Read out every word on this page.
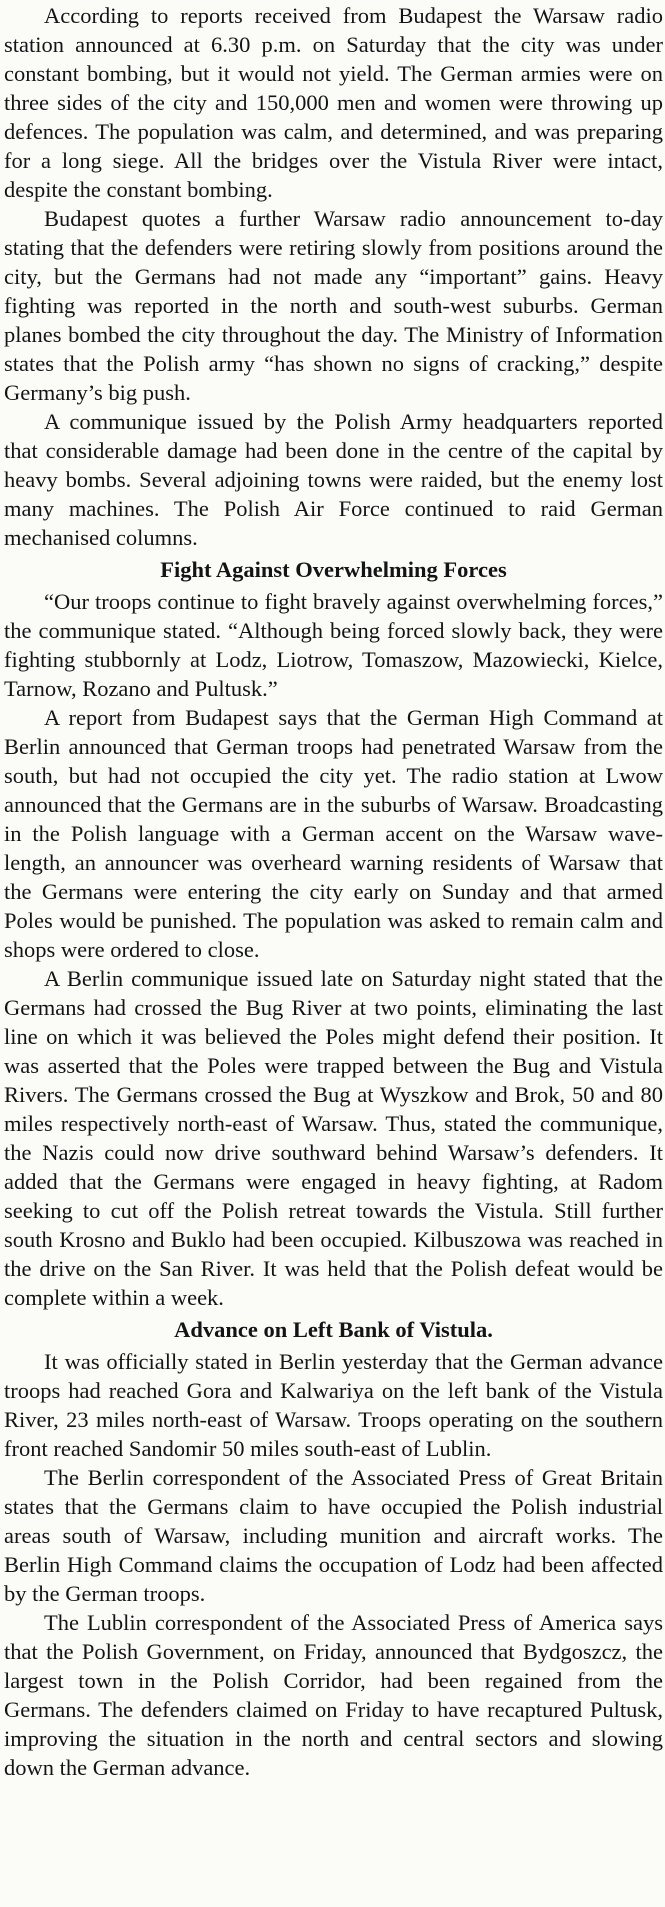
According to reports received from Budapest the Warsaw radio station announced at 6.30 p.m. on Saturday that the city was under constant bombing, but it would not yield. The German armies were on three sides of the city and 150,000 men and women were throwing up defences. The population was calm, and determined, and was preparing for a long siege. All the bridges over the Vistula River were intact, despite the constant bombing.

Budapest quotes a further Warsaw radio announcement to-day stating that the defenders were retiring slowly from positions around the city, but the Germans had not made any “important” gains. Heavy fighting was reported in the north and south-west suburbs. German planes bombed the city throughout the day. The Ministry of Information states that the Polish army “has shown no signs of cracking,” despite Germany’s big push.

A communique issued by the Polish Army headquarters reported that considerable damage had been done in the centre of the capital by heavy bombs. Several adjoining towns were raided, but the enemy lost many machines. The Polish Air Force continued to raid German mechanised columns.

Fight Against Overwhelming Forces

“Our troops continue to fight bravely against overwhelming forces,” the communique stated. “Although being forced slowly back, they were fighting stubbornly at Lodz, Liotrow, Tomaszow, Mazowiecki, Kielce, Tarnow, Rozano and Pultusk.”

A report from Budapest says that the German High Command at Berlin announced that German troops had penetrated Warsaw from the south, but had not occupied the city yet. The radio station at Lwow announced that the Germans are in the suburbs of Warsaw. Broadcasting in the Polish language with a German accent on the Warsaw wave-length, an announcer was overheard warning residents of Warsaw that the Germans were entering the city early on Sunday and that armed Poles would be punished. The population was asked to remain calm and shops were ordered to close.

A Berlin communique issued late on Saturday night stated that the Germans had crossed the Bug River at two points, eliminating the last line on which it was believed the Poles might defend their position. It was asserted that the Poles were trapped between the Bug and Vistula Rivers. The Germans crossed the Bug at Wyszkow and Brok, 50 and 80 miles respectively north-east of Warsaw. Thus, stated the communique, the Nazis could now drive southward behind Warsaw’s defenders. It added that the Germans were engaged in heavy fighting, at Radom seeking to cut off the Polish retreat towards the Vistula. Still further south Krosno and Buklo had been occupied. Kilbuszowa was reached in the drive on the San River. It was held that the Polish defeat would be complete within a week.

Advance on Left Bank of Vistula.

It was officially stated in Berlin yesterday that the German advance troops had reached Gora and Kalwariya on the left bank of the Vistula River, 23 miles north-east of Warsaw. Troops operating on the southern front reached Sandomir 50 miles south-east of Lublin.

The Berlin correspondent of the Associated Press of Great Britain states that the Germans claim to have occupied the Polish industrial areas south of Warsaw, including munition and aircraft works. The Berlin High Command claims the occupation of Lodz had been affected by the German troops.

The Lublin correspondent of the Associated Press of America says that the Polish Government, on Friday, announced that Bydgoszcz, the largest town in the Polish Corridor, had been regained from the Germans. The defenders claimed on Friday to have recaptured Pultusk, improving the situation in the north and central sectors and slowing down the German advance.
